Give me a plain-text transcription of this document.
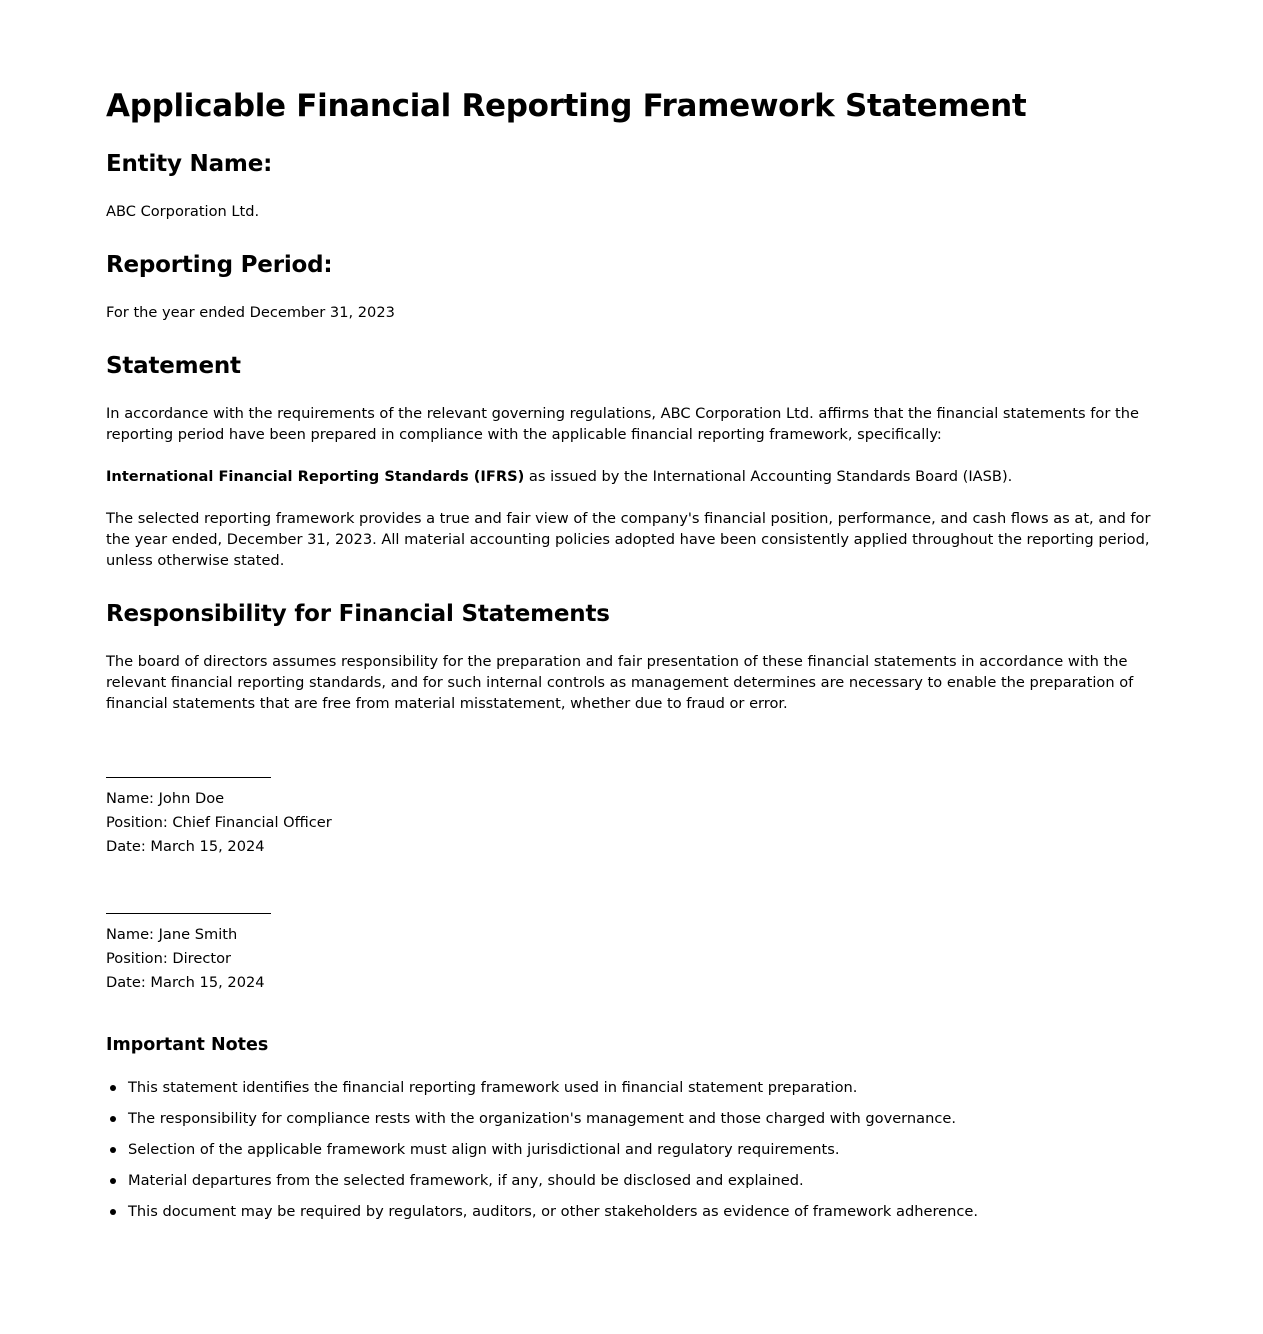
Applicable Financial Reporting Framework Statement
Entity Name:

ABC Corporation Ltd.

Reporting Period:

For the year ended December 31, 2023

Statement

In accordance with the requirements of the relevant governing regulations, ABC Corporation Ltd. affirms that the financial statements for the reporting period have been prepared in compliance with the applicable financial reporting framework, specifically:

International Financial Reporting Standards (IFRS) as issued by the International Accounting Standards Board (IASB).

The selected reporting framework provides a true and fair view of the company's financial position, performance, and cash flows as at, and for the year ended, December 31, 2023. All material accounting policies adopted have been consistently applied throughout the reporting period, unless otherwise stated.

Responsibility for Financial Statements

The board of directors assumes responsibility for the preparation and fair presentation of these financial statements in accordance with the relevant financial reporting standards, and for such internal controls as management determines are necessary to enable the preparation of financial statements that are free from material misstatement, whether due to fraud or error.

Name: John Doe
Position: Chief Financial Officer
Date: March 15, 2024
Name: Jane Smith
Position: Director
Date: March 15, 2024
Important Notes
This statement identifies the financial reporting framework used in financial statement preparation.
The responsibility for compliance rests with the organization's management and those charged with governance.
Selection of the applicable framework must align with jurisdictional and regulatory requirements.
Material departures from the selected framework, if any, should be disclosed and explained.
This document may be required by regulators, auditors, or other stakeholders as evidence of framework adherence.
